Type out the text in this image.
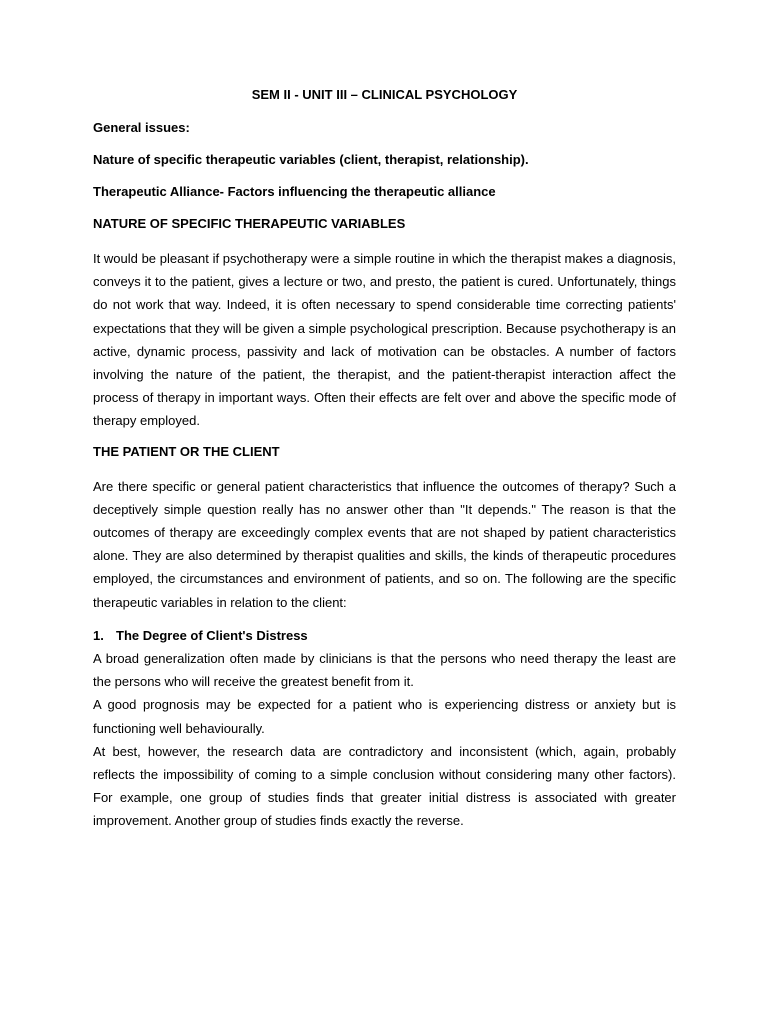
SEM II - UNIT III – CLINICAL PSYCHOLOGY
General issues:
Nature of specific therapeutic variables (client, therapist, relationship).
Therapeutic Alliance- Factors influencing the therapeutic alliance
NATURE OF SPECIFIC THERAPEUTIC VARIABLES

It would be pleasant if psychotherapy were a simple routine in which the therapist makes a diagnosis, conveys it to the patient, gives a lecture or two, and presto, the patient is cured. Unfortunately, things do not work that way. Indeed, it is often necessary to spend considerable time correcting patients' expectations that they will be given a simple psychological prescription. Because psychotherapy is an active, dynamic process, passivity and lack of motivation can be obstacles. A number of factors involving the nature of the patient, the therapist, and the patient-therapist interaction affect the process of therapy in important ways. Often their effects are felt over and above the specific mode of therapy employed.

THE PATIENT OR THE CLIENT

Are there specific or general patient characteristics that influence the outcomes of therapy? Such a deceptively simple question really has no answer other than "It depends." The reason is that the outcomes of therapy are exceedingly complex events that are not shaped by patient characteristics alone. They are also determined by therapist qualities and skills, the kinds of therapeutic procedures employed, the circumstances and environment of patients, and so on. The following are the specific therapeutic variables in relation to the client:

1. The Degree of Client's Distress

A broad generalization often made by clinicians is that the persons who need therapy the least are the persons who will receive the greatest benefit from it.

A good prognosis may be expected for a patient who is experiencing distress or anxiety but is functioning well behaviourally.

At best, however, the research data are contradictory and inconsistent (which, again, probably reflects the impossibility of coming to a simple conclusion without considering many other factors). For example, one group of studies finds that greater initial distress is associated with greater improvement. Another group of studies finds exactly the reverse.
